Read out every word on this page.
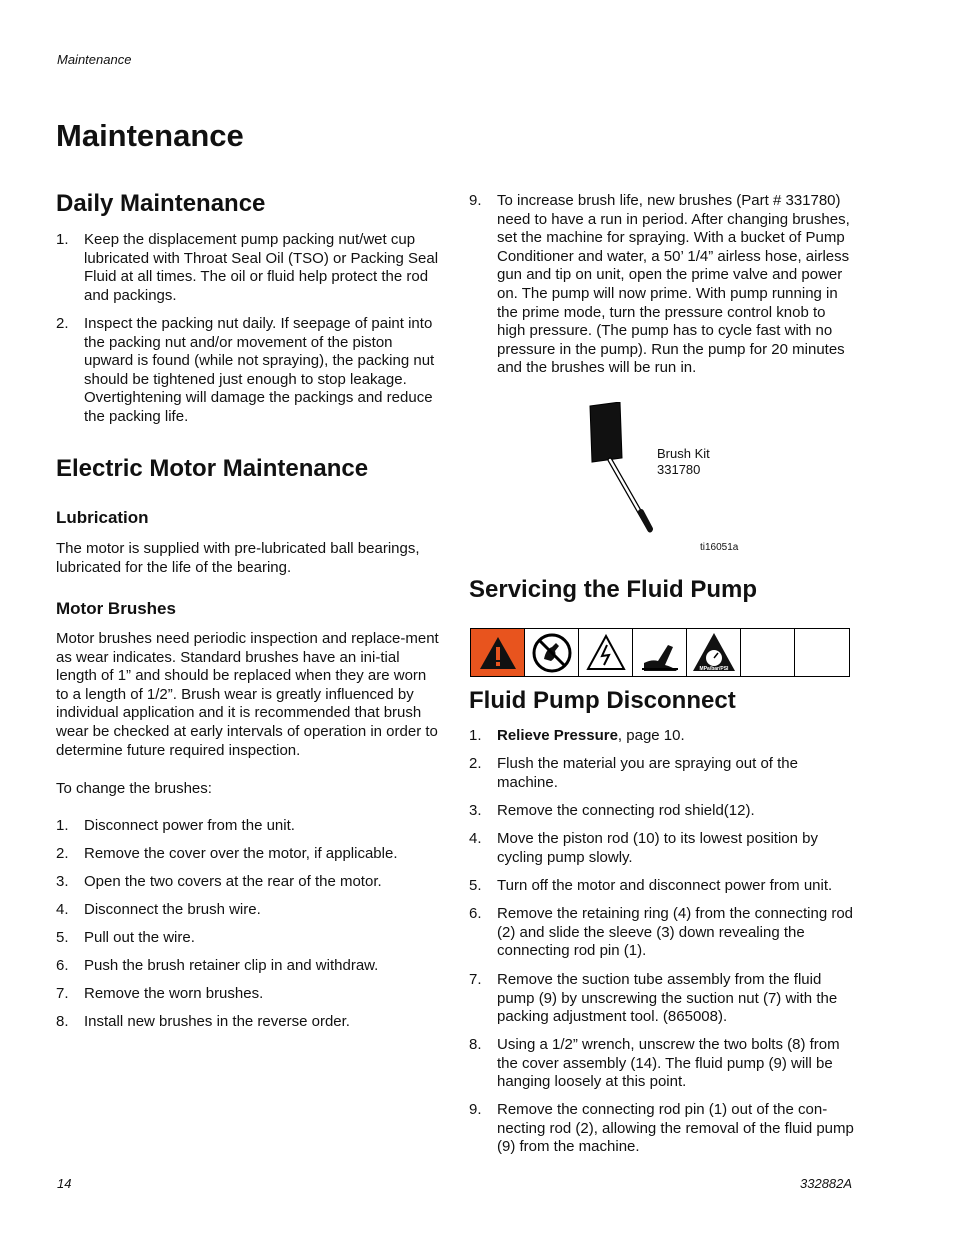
Maintenance
Maintenance
Daily Maintenance
1. Keep the displacement pump packing nut/wet cup lubricated with Throat Seal Oil (TSO) or Packing Seal Fluid at all times. The oil or fluid help protect the rod and packings.
2. Inspect the packing nut daily. If seepage of paint into the packing nut and/or movement of the piston upward is found (while not spraying), the packing nut should be tightened just enough to stop leakage. Overtightening will damage the packings and reduce the packing life.
Electric Motor Maintenance
Lubrication
The motor is supplied with pre-lubricated ball bearings, lubricated for the life of the bearing.
Motor Brushes
Motor brushes need periodic inspection and replace-ment as wear indicates. Standard brushes have an ini-tial length of 1” and should be replaced when they are worn to a length of 1/2”. Brush wear is greatly influenced by individual application and it is recommended that brush wear be checked at early intervals of operation in order to determine future required inspection.
To change the brushes:
1. Disconnect power from the unit.
2. Remove the cover over the motor, if applicable.
3. Open the two covers at the rear of the motor.
4. Disconnect the brush wire.
5. Pull out the wire.
6. Push the brush retainer clip in and withdraw.
7. Remove the worn brushes.
8. Install new brushes in the reverse order.
9. To increase brush life, new brushes (Part # 331780) need to have a run in period. After changing brushes, set the machine for spraying. With a bucket of Pump Conditioner and water, a 50’ 1/4” airless hose, airless gun and tip on unit, open the prime valve and power on. The pump will now prime. With pump running in the prime mode, turn the pressure control knob to high pressure. (The pump has to cycle fast with no pressure in the pump). Run the pump for 20 minutes and the brushes will be run in.
Brush Kit
331780
ti16051a
Servicing the Fluid Pump
MPa/bar/PSI
Fluid Pump Disconnect
1. Relieve Pressure, page 10.
2. Flush the material you are spraying out of the machine.
3. Remove the connecting rod shield(12).
4. Move the piston rod (10) to its lowest position by cycling pump slowly.
5. Turn off the motor and disconnect power from unit.
6. Remove the retaining ring (4) from the connecting rod (2) and slide the sleeve (3) down revealing the connecting rod pin (1).
7. Remove the suction tube assembly from the fluid pump (9) by unscrewing the suction nut (7) with the packing adjustment tool. (865008).
8. Using a 1/2” wrench, unscrew the two bolts (8) from the cover assembly (14). The fluid pump (9) will be hanging loosely at this point.
9. Remove the connecting rod pin (1) out of the con-necting rod (2), allowing the removal of the fluid pump (9) from the machine.
14	332882A
